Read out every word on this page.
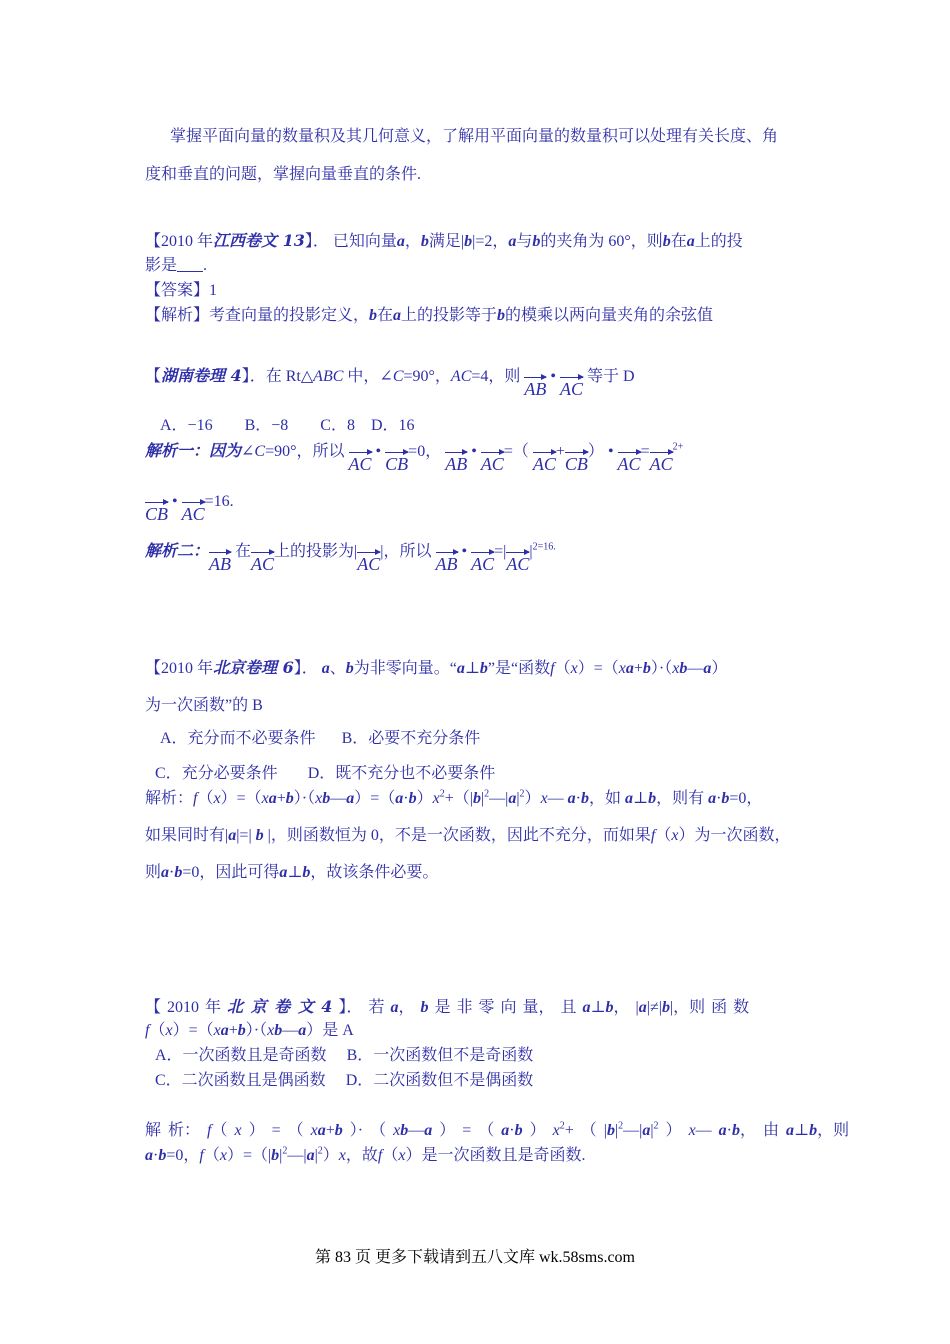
掌握平面向量的数量积及其几何意义，了解用平面向量的数量积可以处理有关长度、角
度和垂直的问题，掌握向量垂直的条件.
【2010 年江西卷文 13】． 已知向量a，b满足|b|=2，a与b的夹角为 60°，则b在a上的投
影是 .
【答案】1
【解析】考查向量的投影定义，b在a上的投影等于b的模乘以两向量夹角的余弦值
【湖南卷理 4】．在 Rt△ABC 中，∠C=90°，AC=4，则 AB • AC 等于 D
A．−16　　B．−8　　C．8　D．16
解析一：因为∠C=90°，所以 AC • CB=0， AB • AC=（ AC+CB） • $AC=AC^{2+}$
CB • AC=16.
解析二：AB 在AC上的投影为|AC|，所以 AB • $AC=|AC|^{2=16.}$
【2010 年北京卷理 6】． a、b为非零向量。“a⊥b”是“函数f（x）=（xa+b）·（xb—a）
为一次函数”的 B
A．充分而不必要条件 B．必要不充分条件
C．充分必要条件 D．既不充分也不必要条件
解析：$f(x)=(xa+b)\cdot(xb—a)=(a\cdot b)x^2+(|b|^2—|a|^2)x—$ a·b，如 a⊥b，则有 a·b=0，
如果同时有|a|=| b |，则函数恒为 0，不是一次函数，因此不充分，而如果f（x）为一次函数，
则a·b=0，因此可得a⊥b，故该条件必要。
【 2010 年 北 京 卷 文 4 】． 若 a， b 是 非 零 向 量， 且 a⊥b， |a|≠|b|，则 函 数
f（x）=（xa+b）·（xb—a）是 A
A．一次函数且是奇函数 B．一次函数但不是奇函数
C．二次函数且是偶函数 D．二次函数但不是偶函数
解 析： f（ x ） = （ xa+b ）· （ xb—a ） = （ a·b ） $x^2+$ （ $|b|^2—|a|^2$ ） x— a·b， 由 a⊥b，则
a·b=0，$f(x)=(|b|^2—|a|^2)x$，故f（x）是一次函数且是奇函数.
第 83 页 更多下载请到五八文库 wk.58sms.com
